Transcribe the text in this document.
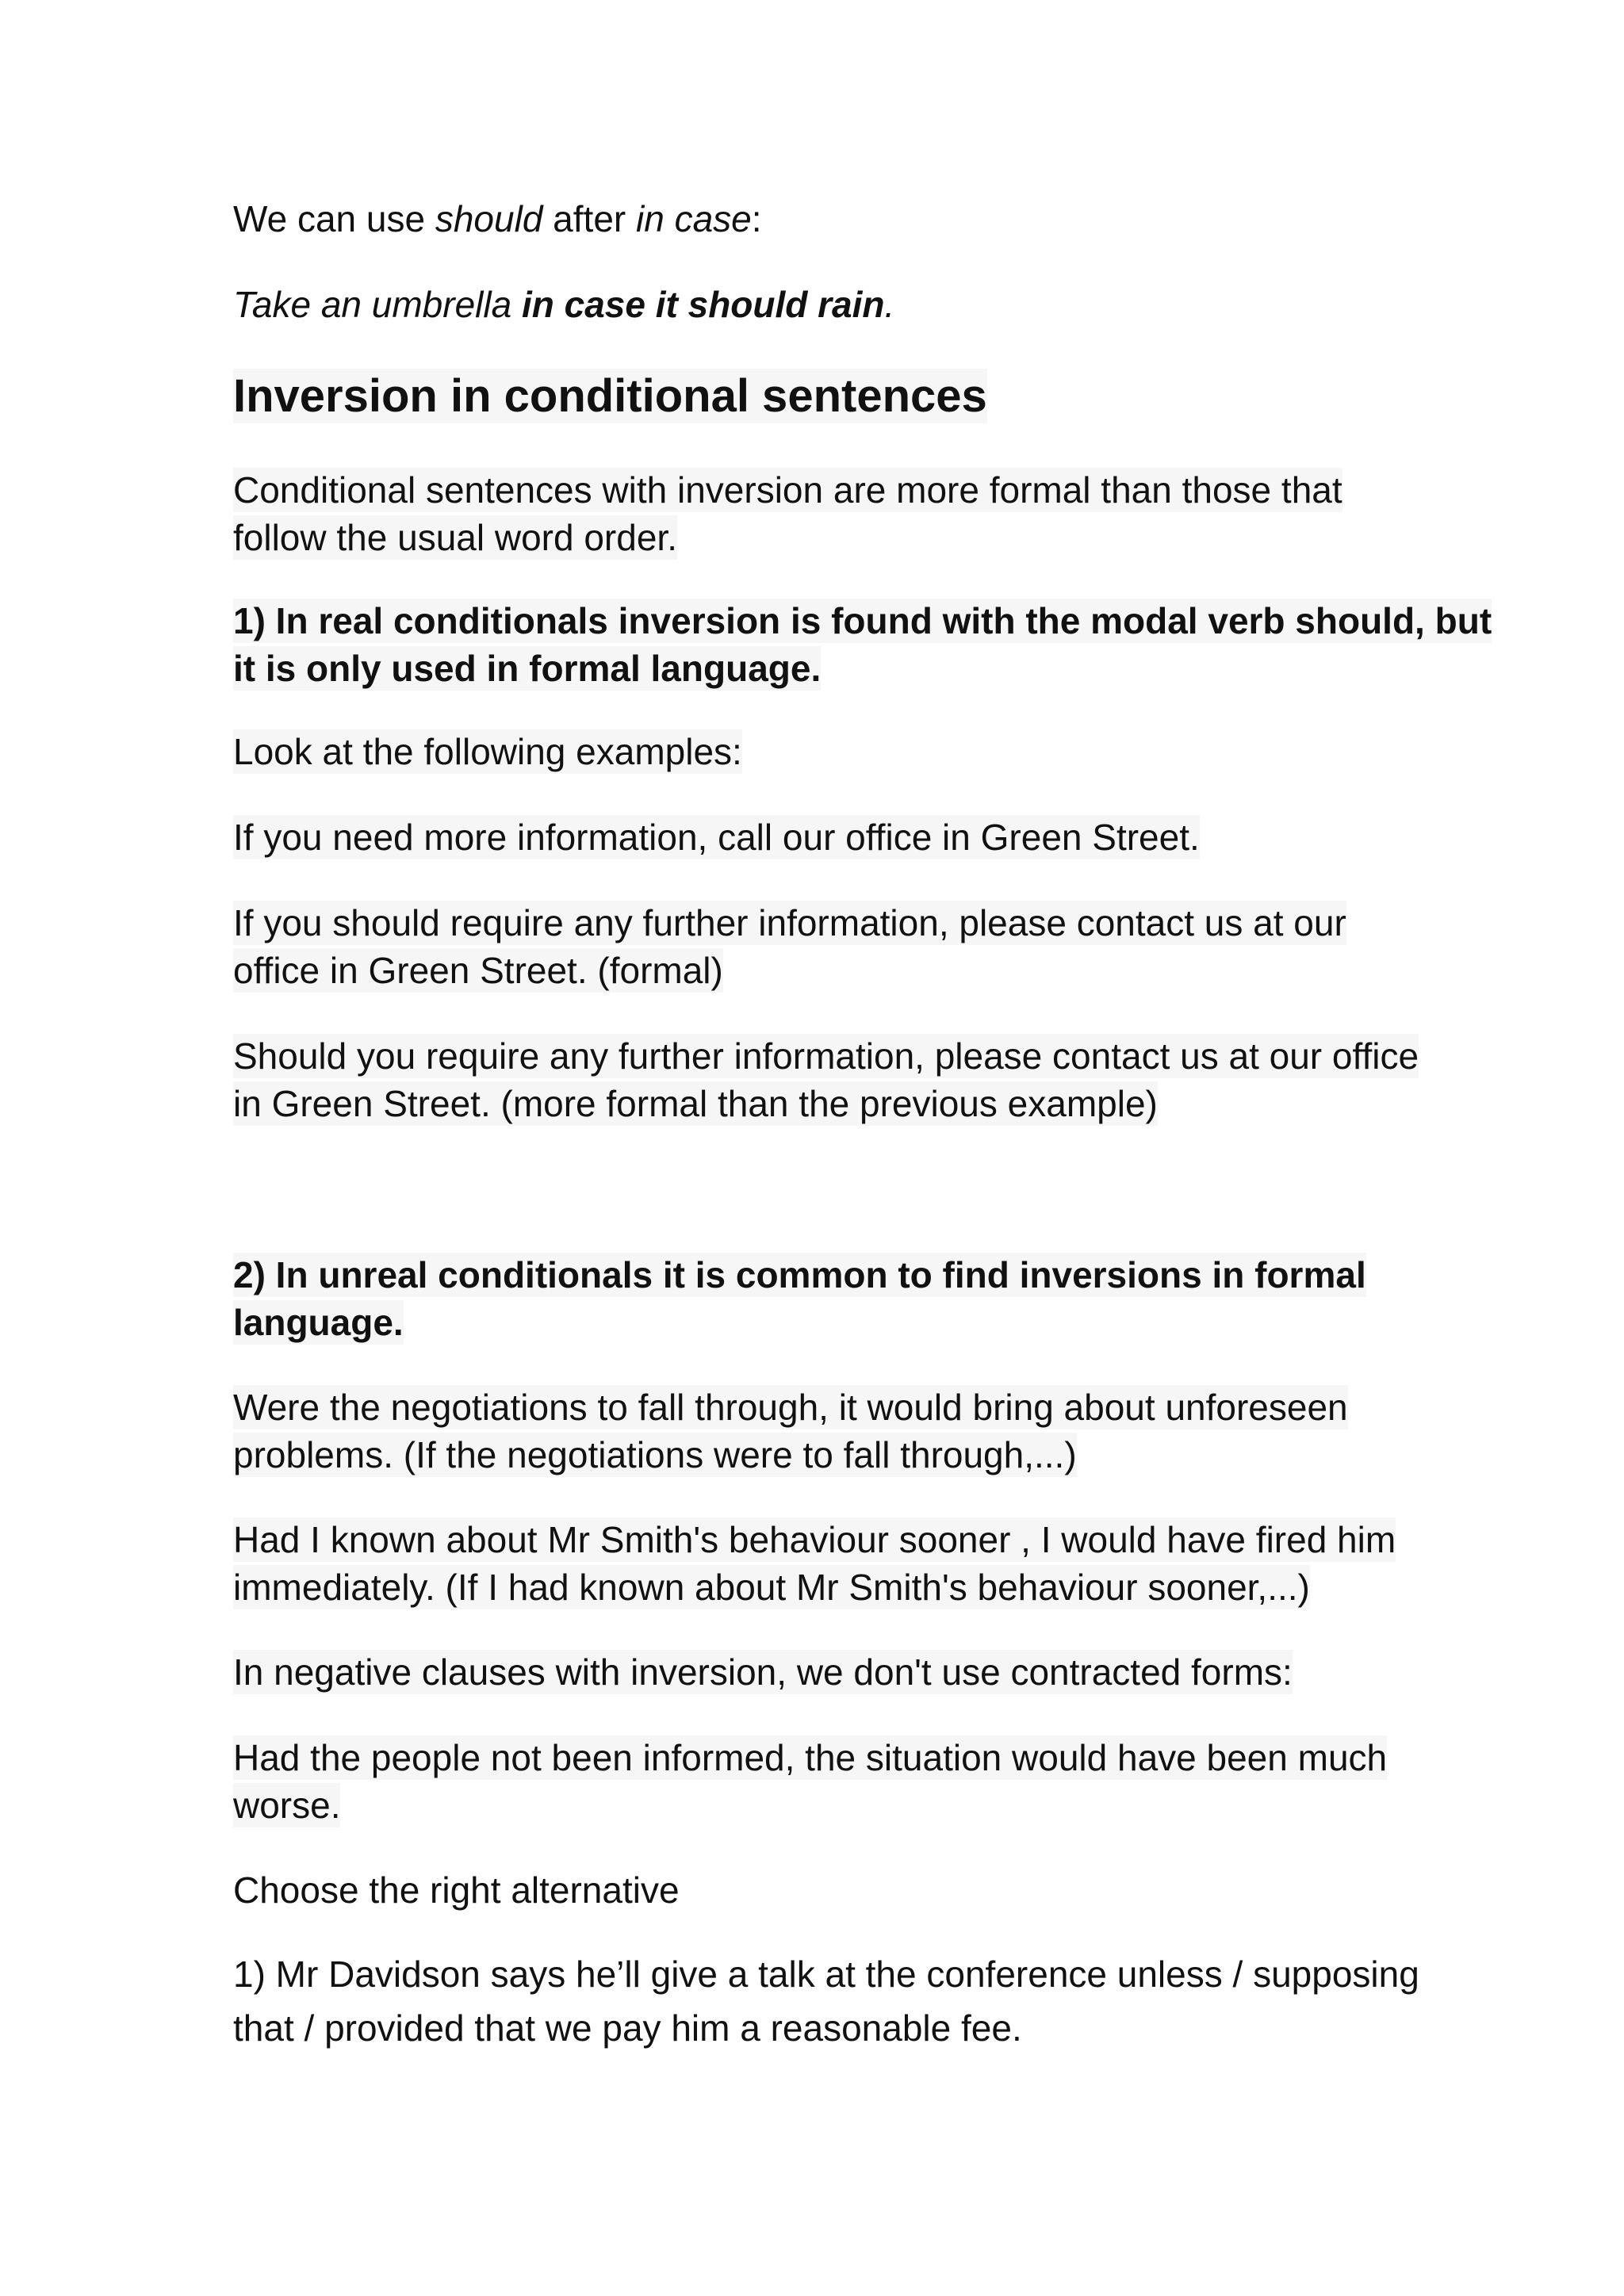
We can use should after in case:

Take an umbrella in case it should rain.

Inversion in conditional sentences

Conditional sentences with inversion are more formal than those that
follow the usual word order.

1) In real conditionals inversion is found with the modal verb should, but
it is only used in formal language.

Look at the following examples:

If you need more information, call our office in Green Street.

If you should require any further information, please contact us at our
office in Green Street. (formal)

Should you require any further information, please contact us at our office
in Green Street. (more formal than the previous example)

2) In unreal conditionals it is common to find inversions in formal
language.

Were the negotiations to fall through, it would bring about unforeseen
problems. (If the negotiations were to fall through,...)

Had I known about Mr Smith's behaviour sooner , I would have fired him
immediately. (If I had known about Mr Smith's behaviour sooner,...)

In negative clauses with inversion, we don't use contracted forms:

Had the people not been informed, the situation would have been much
worse.

Choose the right alternative

1) Mr Davidson says he’ll give a talk at the conference unless / supposing
that / provided that we pay him a reasonable fee.
